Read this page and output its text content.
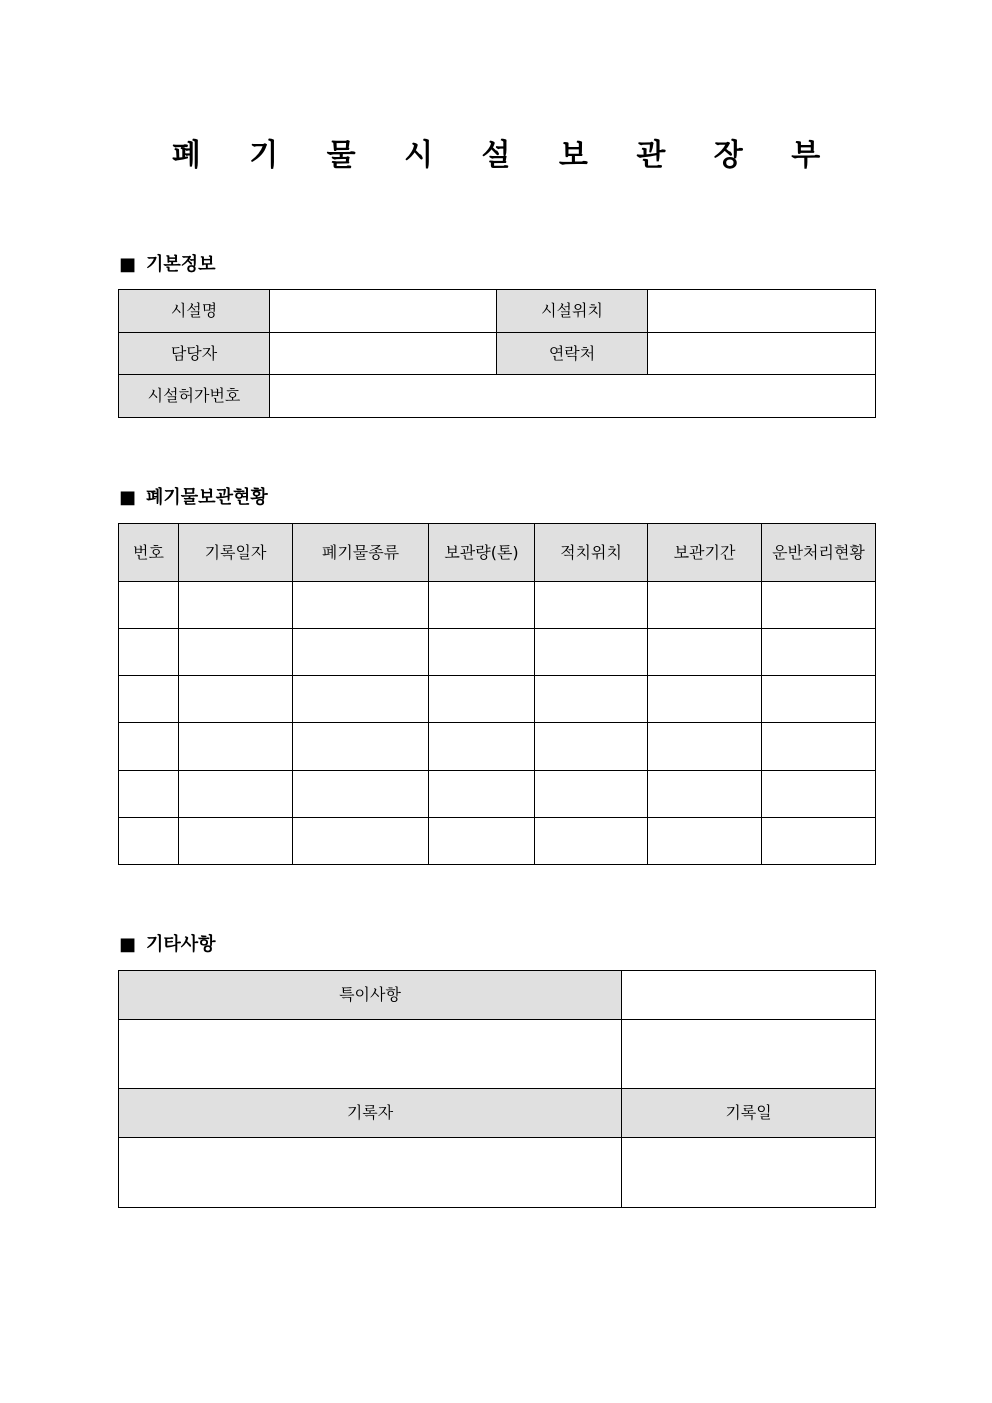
폐 기 물 시 설 보 관 장 부
■ 기본정보
시설명		시설위치	
담당자		연락처	
시설허가번호			
■ 폐기물보관현황
번호	기록일자	폐기물종류	보관량(톤)	적치위치	보관기간	운반처리현황

■ 기타사항
특이사항	

기록자	기록일
